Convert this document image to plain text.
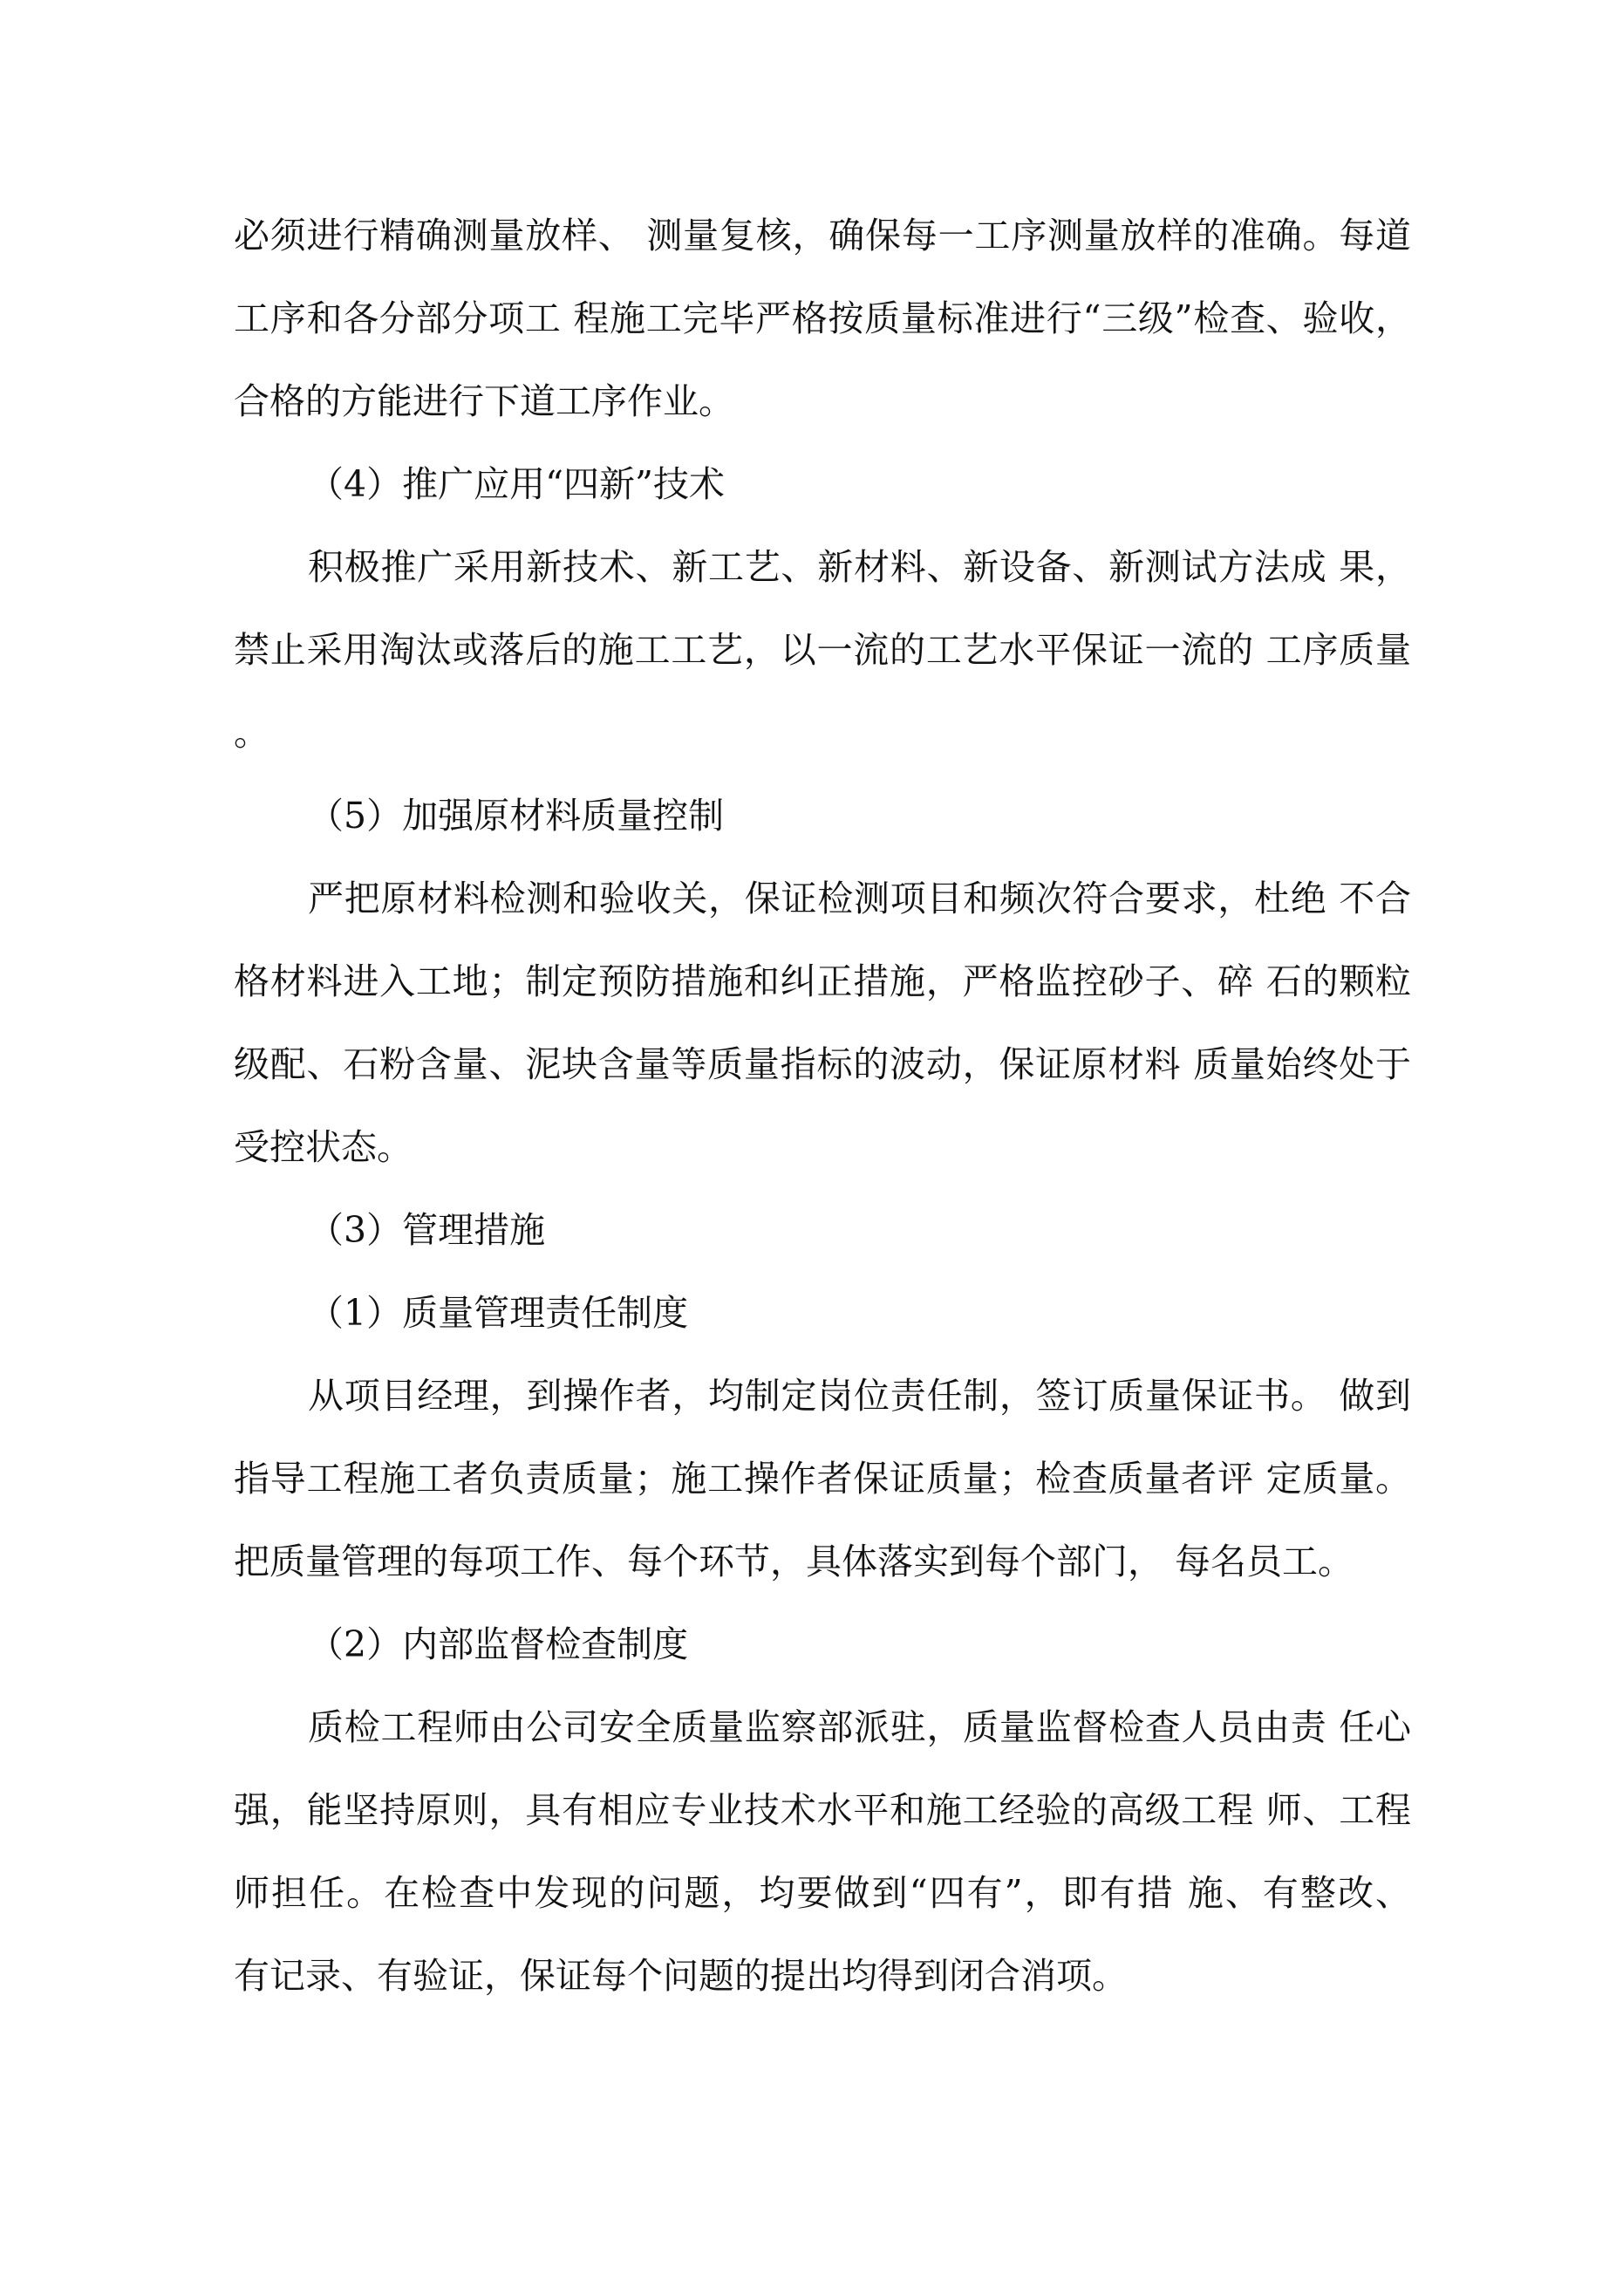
必须进行精确测量放样、 测量复核，确保每一工序测量放样的准确。每道
工序和各分部分项工 程施工完毕严格按质量标准进行“三级”检查、验收，
合格的方能进行下道工序作业。
（4）推广应用“四新”技术
积极推广采用新技术、新工艺、新材料、新设备、新测试方法成 果，
禁止采用淘汰或落后的施工工艺，以一流的工艺水平保证一流的 工序质量
。
（5）加强原材料质量控制
严把原材料检测和验收关，保证检测项目和频次符合要求，杜绝 不合
格材料进入工地；制定预防措施和纠正措施，严格监控砂子、碎 石的颗粒
级配、石粉含量、泥块含量等质量指标的波动，保证原材料 质量始终处于
受控状态。
（3）管理措施
（1）质量管理责任制度
从项目经理，到操作者，均制定岗位责任制，签订质量保证书。 做到
指导工程施工者负责质量；施工操作者保证质量；检查质量者评 定质量。
把质量管理的每项工作、每个环节，具体落实到每个部门， 每名员工。
（2）内部监督检查制度
质检工程师由公司安全质量监察部派驻，质量监督检查人员由责 任心
强，能坚持原则，具有相应专业技术水平和施工经验的高级工程 师、工程
师担任。在检查中发现的问题，均要做到“四有”，即有措 施、有整改、
有记录、有验证，保证每个问题的提出均得到闭合消项。
